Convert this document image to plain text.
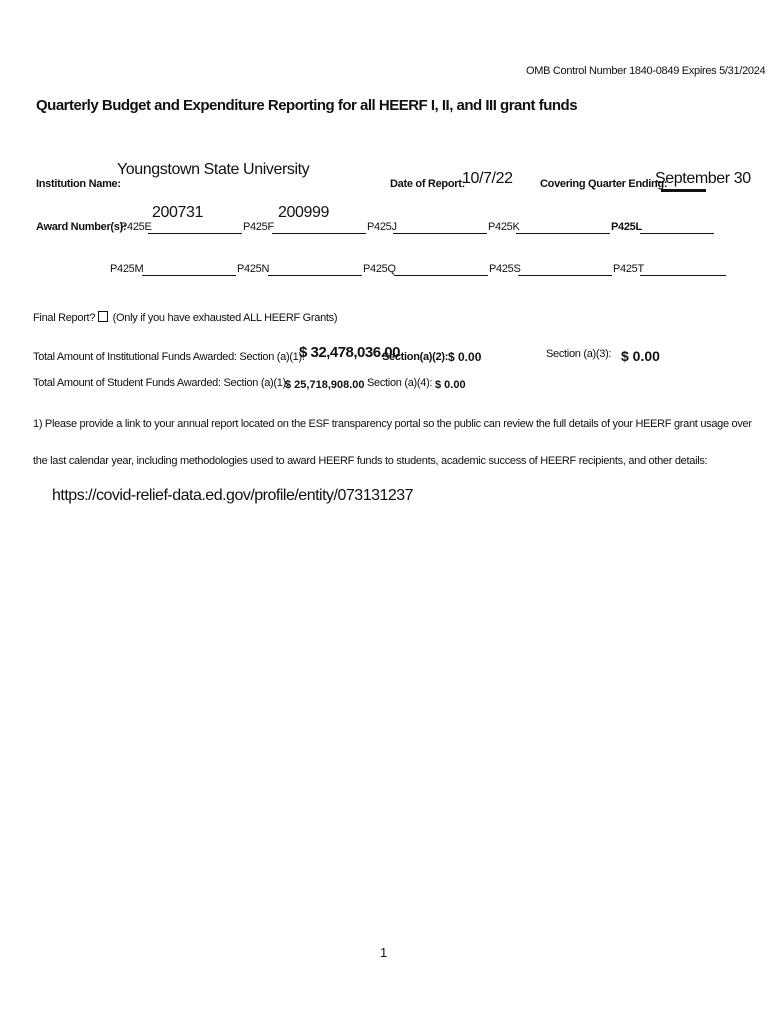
OMB Control Number 1840-0849 Expires 5/31/2024
Quarterly Budget and Expenditure Reporting for all HEERF I, II, and III grant funds
Institution Name:
Youngstown State University
Date of Report:
10/7/22 Covering Quarter Ending:
September 30
Award Number(s):
P425E
200731
P425F
200999
P425J	P425K	P425L
P425M	P425N	P425Q	P425S	P425T
Final Report? (Only if you have exhausted ALL HEERF Grants)
Total Amount of Institutional Funds Awarded: Section (a)(1):
$ 32,478,036.00
Section(a)(2): $ 0.00	Section (a)(3): $ 0.00
Total Amount of Student Funds Awarded: Section (a)(1):
$ 25,718,908.00 Section (a)(4): $ 0.00
1) Please provide a link to your annual report located on the ESF transparency portal so the public can review the full details of your HEERF grant usage over
the last calendar year, including methodologies used to award HEERF funds to students, academic success of HEERF recipients, and other details:
https://covid-relief-data.ed.gov/profile/entity/073131237
1
